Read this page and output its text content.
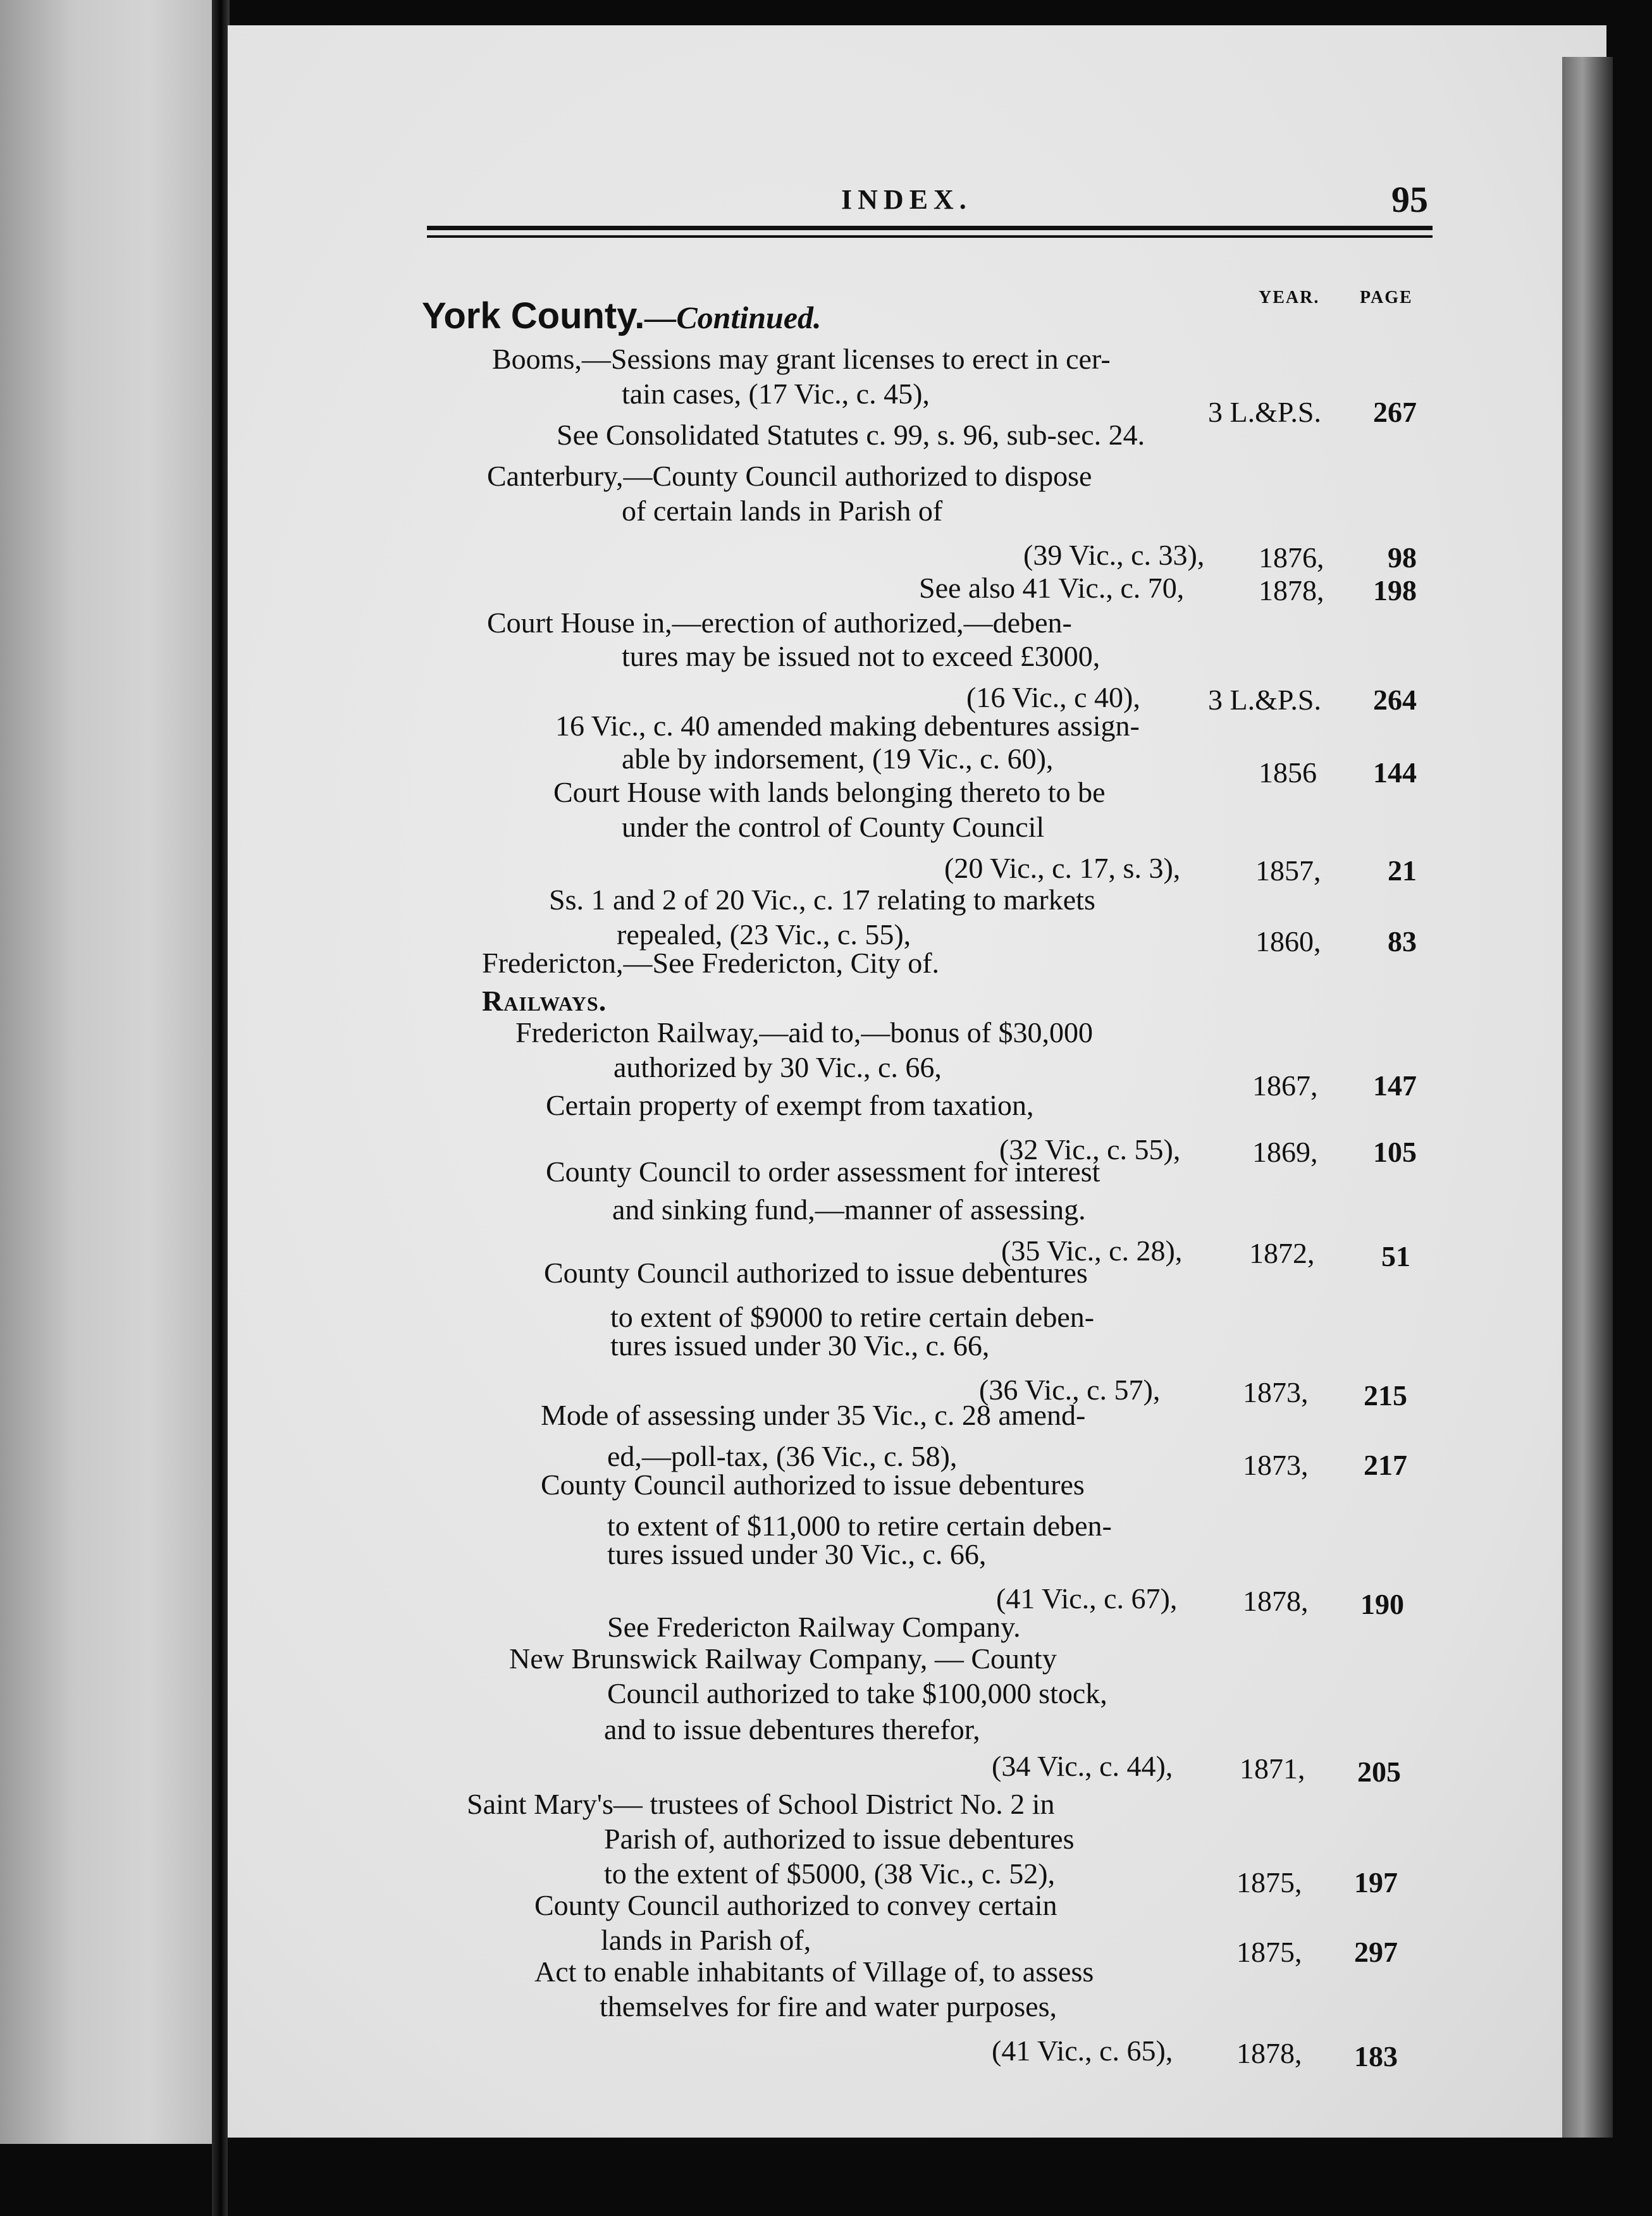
INDEX.	95
YEAR. PAGE
York County.—Continued.
Booms,—Sessions may grant licenses to erect in cer-
tain cases, (17 Vic., c. 45),
3 L.&P.S.	267
See Consolidated Statutes c. 99, s. 96, sub-sec. 24.
Canterbury,—County Council authorized to dispose
of certain lands in Parish of
(39 Vic., c. 33), 1876,	98
See also 41 Vic., c. 70,	1878,	198
Court House in,—erection of authorized,—deben-
tures may be issued not to exceed £3000,
(16 Vic., c 40), 3 L.&P.S.	264
16 Vic., c. 40 amended making debentures assign-
able by indorsement, (19 Vic., c. 60),	1856	144
Court House with lands belonging thereto to be
under the control of County Council
(20 Vic., c. 17, s. 3),	1857,	21
Ss. 1 and 2 of 20 Vic., c. 17 relating to markets
repealed, (23 Vic., c. 55),	1860,	83
Fredericton,—See Fredericton, City of.
Railways.
Fredericton Railway,—aid to,—bonus of $30,000
authorized by 30 Vic., c. 66,
1867,	147
Certain property of exempt from taxation,
(32 Vic., c. 55), 1869,	105
County Council to order assessment for interest
and sinking fund,—manner of assessing.
(35 Vic., c. 28), 1872,	51
County Council authorized to issue debentures
to extent of $9000 to retire certain deben-
tures issued under 30 Vic., c. 66,
(36 Vic., c. 57),	1873,	215
Mode of assessing under 35 Vic., c. 28 amend-
ed,—poll-tax, (36 Vic., c. 58),	1873,	217
County Council authorized to issue debentures
to extent of $11,000 to retire certain deben-
tures issued under 30 Vic., c. 66,
(41 Vic., c. 67), 1878,	190
See Fredericton Railway Company.
New Brunswick Railway Company, — County
Council authorized to take $100,000 stock,
and to issue debentures therefor,
(34 Vic., c. 44), 1871,	205
Saint Mary's— trustees of School District No. 2 in
Parish of, authorized to issue debentures
to the extent of $5000, (38 Vic., c. 52),	1875,	197
County Council authorized to convey certain
lands in Parish of,	1875,	297
Act to enable inhabitants of Village of, to assess
themselves for fire and water purposes,
(41 Vic., c. 65), 1878,	183
